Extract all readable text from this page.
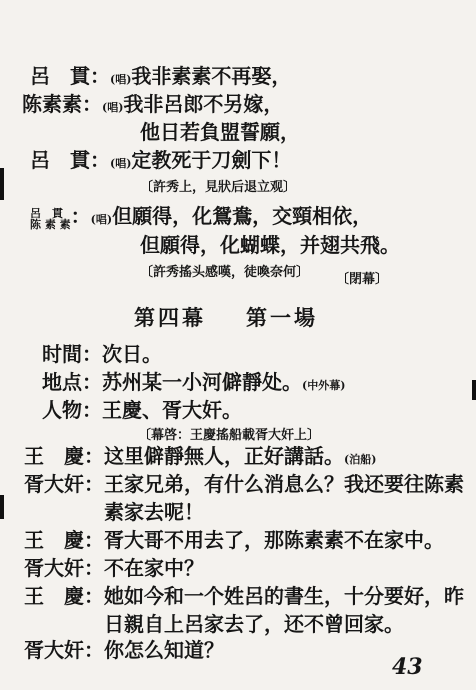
呂　貫：(唱)我非素素不再娶，
陈素素：(唱)我非呂郎不另嫁，
他日若負盟誓願，
呂　貫：(唱)定教死于刀劍下！
〔許秀上，見狀后退立观〕
呂　貫
陈 素 素 ：(唱)但願得，化鴛鴦，交頸相依，
但願得，化蝴蝶，并翅共飛。
〔許秀搖头感嘆，徒喚奈何〕 〔閉幕〕
第四幕 第一場
时間：次日。
地点：苏州某一小河僻靜处。(中外幕)
人物：王慶、胥大奸。
〔幕啓：王慶搖船載胥大奸上〕
王　慶：这里僻靜無人，正好講話。(泊船)
胥大奸：王家兄弟，有什么消息么？我还要往陈素
素家去呢！
王　慶：胥大哥不用去了，那陈素素不在家中。
胥大奸：不在家中？
王　慶：她如今和一个姓呂的書生，十分要好，昨
日親自上呂家去了，还不曾回家。
胥大奸：你怎么知道？
43
